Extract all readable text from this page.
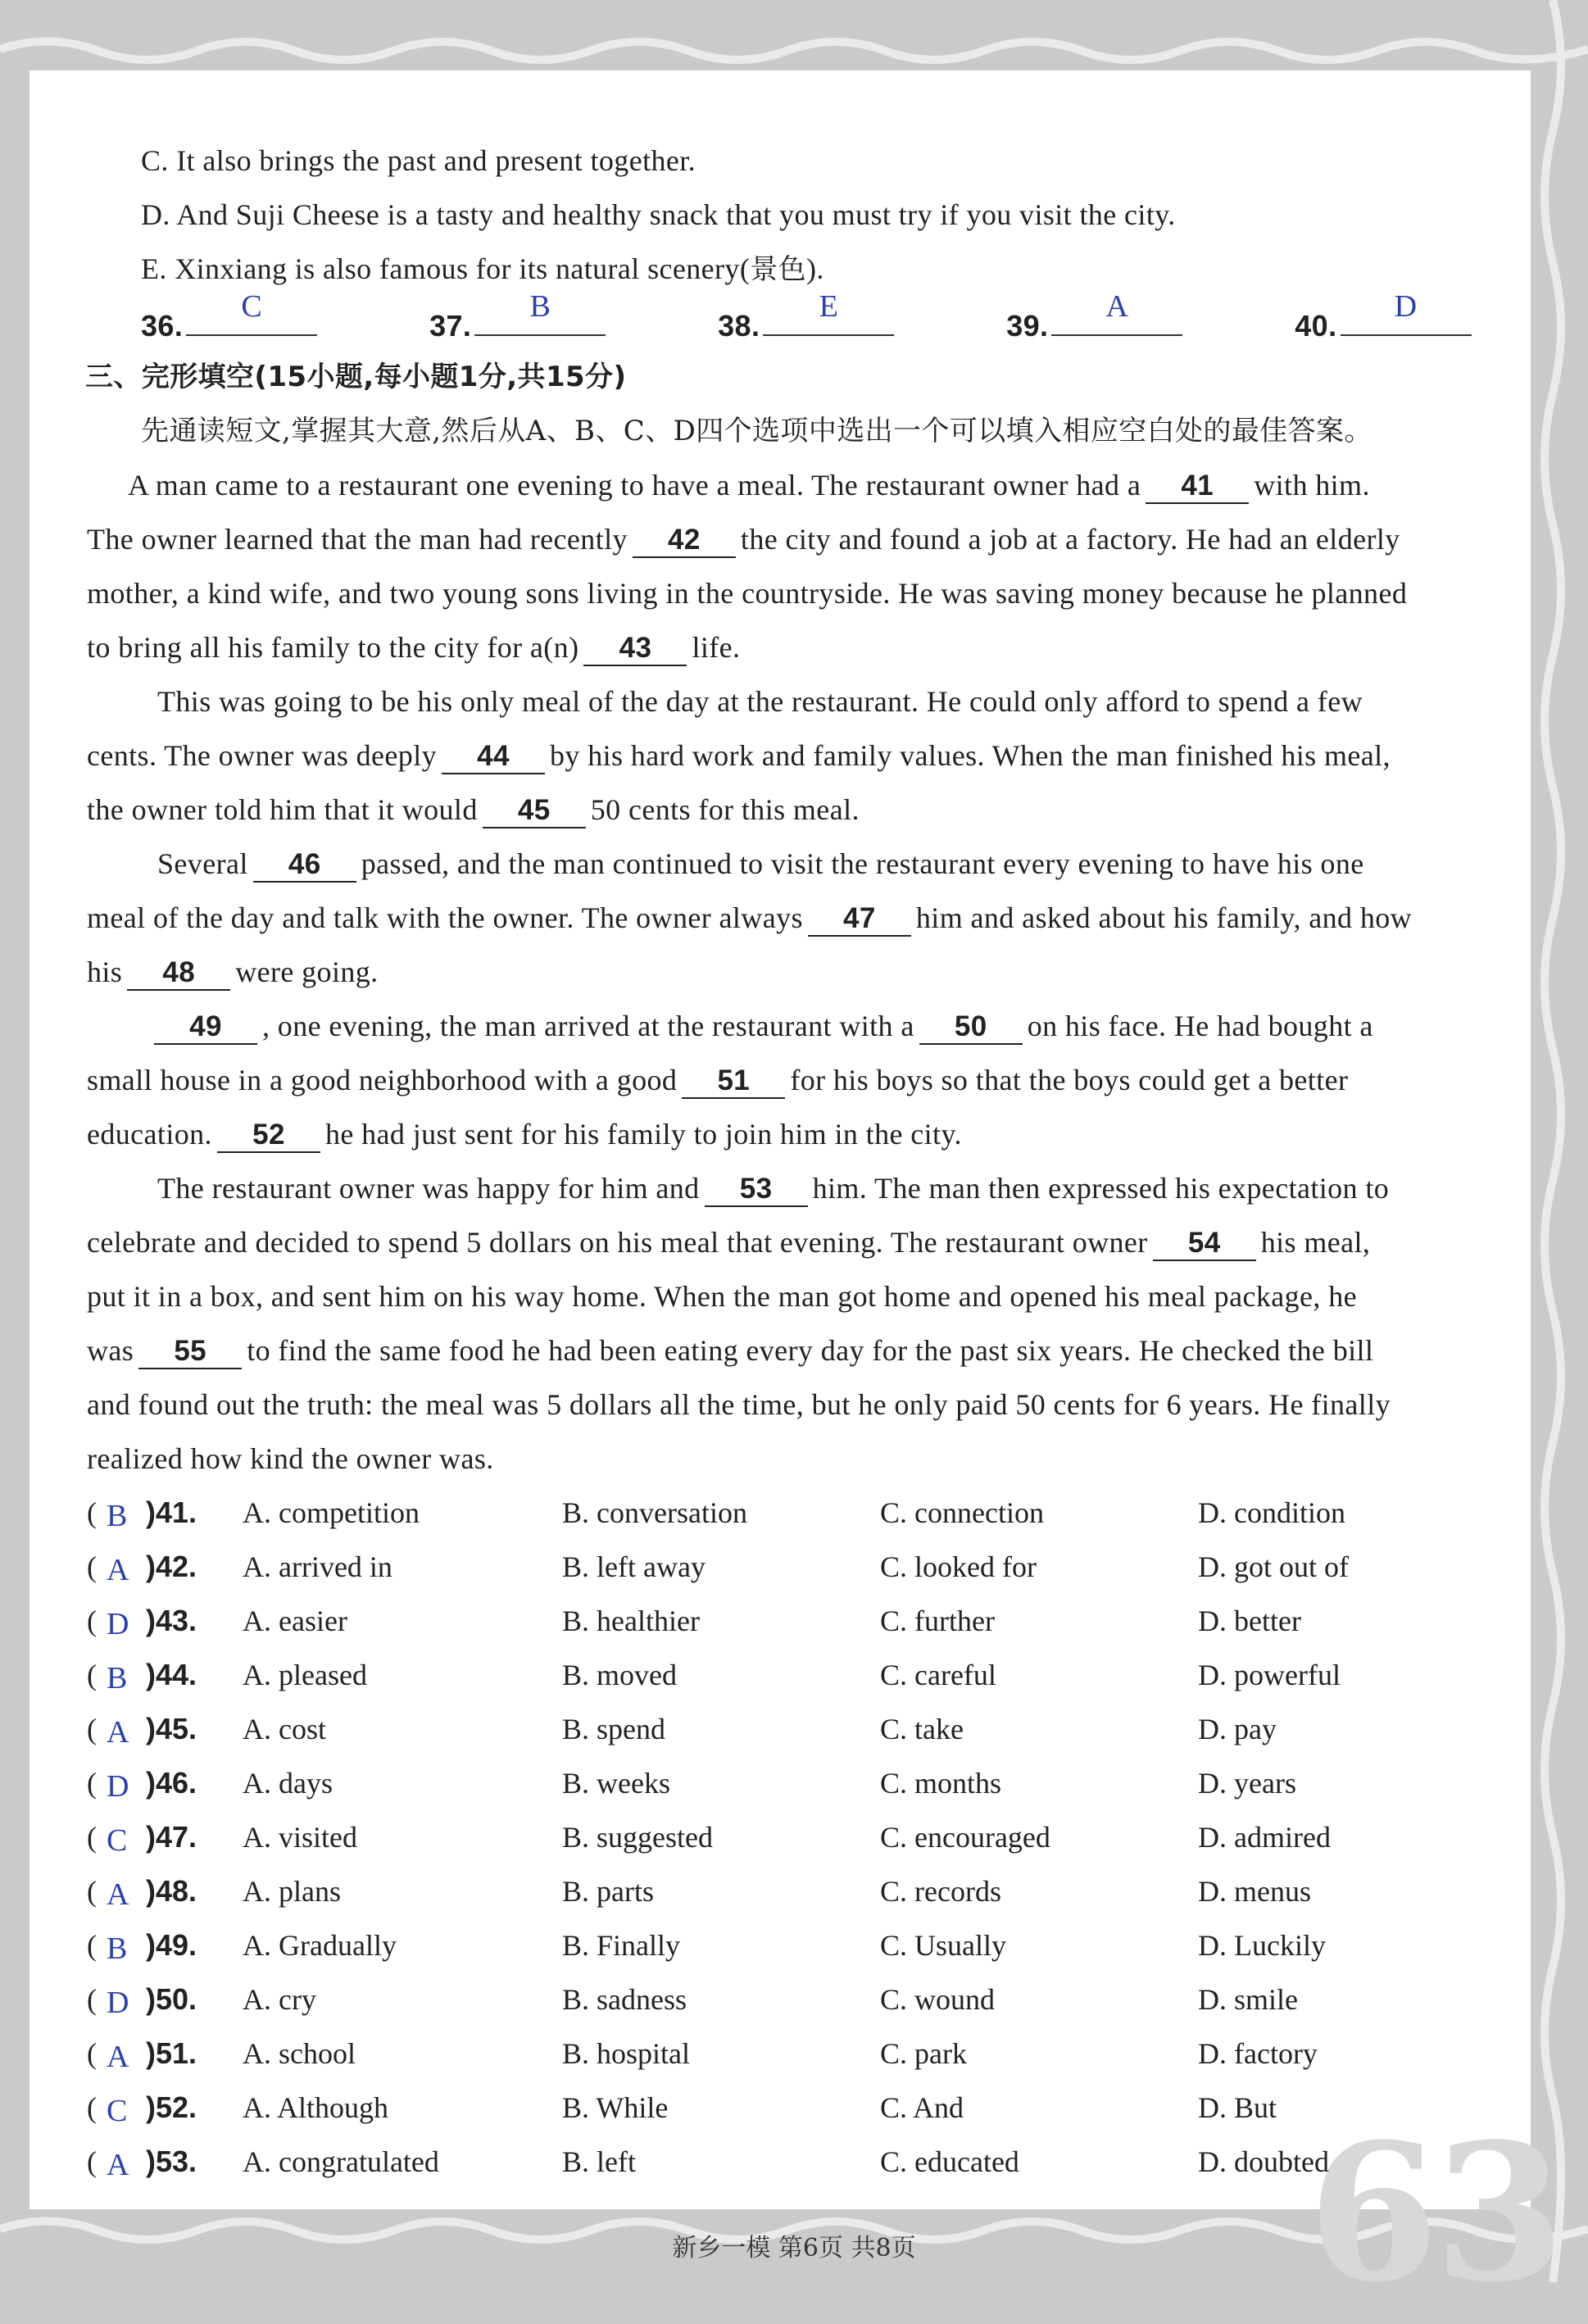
63
C. It also brings the past and present together.
D. And Suji Cheese is a tasty and healthy snack that you must try if you visit the city.
E. Xinxiang is also famous for its natural scenery(景色).
36.
C
37.
B
38.
E
39.
A
40.
D
三、完形填空(15小题,每小题1分,共15分)
先通读短文,掌握其大意,然后从A、B、C、D四个选项中选出一个可以填入相应空白处的最佳答案。
A man came to a restaurant one evening to have a meal. The restaurant owner had a 41 with him.
The owner learned that the man had recently 42 the city and found a job at a factory. He had an elderly
mother, a kind wife, and two young sons living in the countryside. He was saving money because he planned
to bring all his family to the city for a(n) 43 life.
This was going to be his only meal of the day at the restaurant. He could only afford to spend a few
cents. The owner was deeply 44 by his hard work and family values. When the man finished his meal,
the owner told him that it would 45 50 cents for this meal.
Several 46 passed, and the man continued to visit the restaurant every evening to have his one
meal of the day and talk with the owner. The owner always 47 him and asked about his family, and how
his 48 were going.
49 , one evening, the man arrived at the restaurant with a 50 on his face. He had bought a
small house in a good neighborhood with a good 51 for his boys so that the boys could get a better
education. 52 he had just sent for his family to join him in the city.
The restaurant owner was happy for him and 53 him. The man then expressed his expectation to
celebrate and decided to spend 5 dollars on his meal that evening. The restaurant owner 54 his meal,
put it in a box, and sent him on his way home. When the man got home and opened his meal package, he
was 55 to find the same food he had been eating every day for the past six years. He checked the bill
and found out the truth: the meal was 5 dollars all the time, but he only paid 50 cents for 6 years. He finally
realized how kind the owner was.
( B )41. A. competition	B. conversation	C. connection	D. condition
( A )42. A. arrived in	B. left away	C. looked for	D. got out of
( D )43. A. easier	B. healthier	C. further	D. better
( B )44. A. pleased	B. moved	C. careful	D. powerful
( A )45. A. cost	B. spend	C. take	D. pay
( D )46. A. days	B. weeks	C. months	D. years
( C )47. A. visited	B. suggested	C. encouraged	D. admired
( A )48. A. plans	B. parts	C. records	D. menus
( B )49. A. Gradually	B. Finally	C. Usually	D. Luckily
( D )50. A. cry	B. sadness	C. wound	D. smile
( A )51. A. school	B. hospital	C. park	D. factory
( C )52. A. Although	B. While	C. And	D. But
( A )53. A. congratulated	B. left	C. educated	D. doubted
新乡一模 第6页 共8页
